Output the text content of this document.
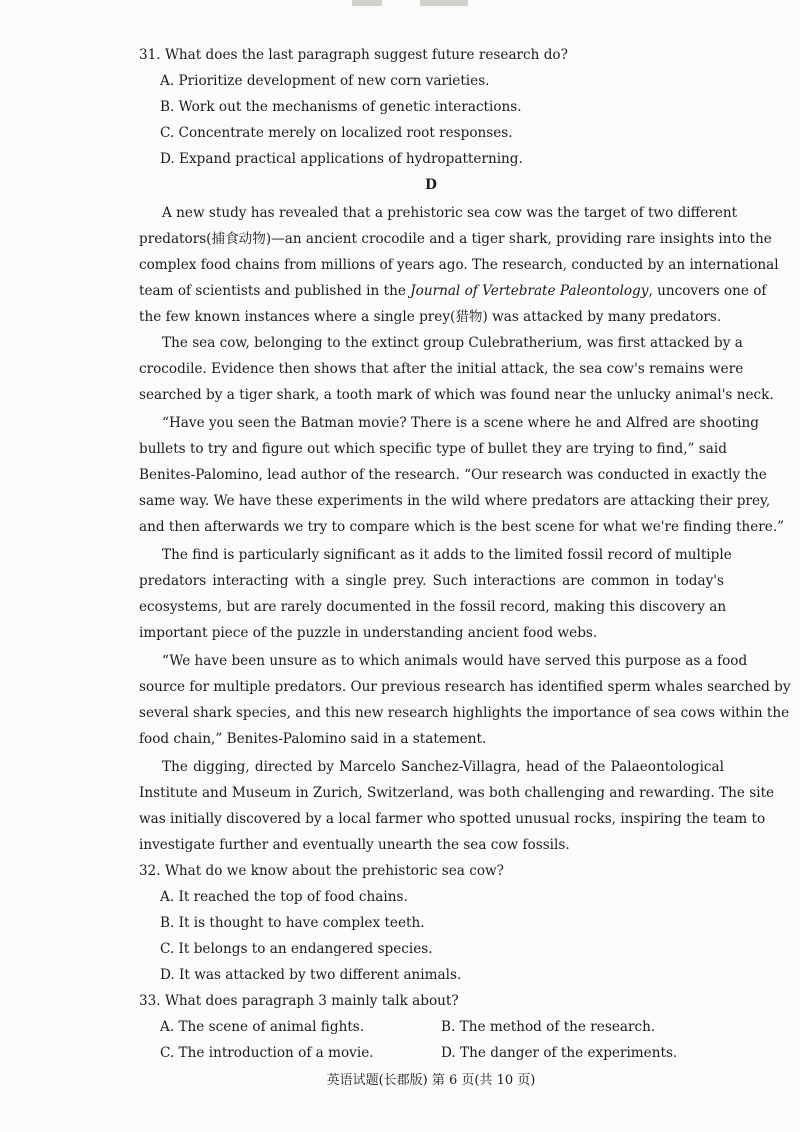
31. What does the last paragraph suggest future research do?
A. Prioritize development of new corn varieties.
B. Work out the mechanisms of genetic interactions.
C. Concentrate merely on localized root responses.
D. Expand practical applications of hydropatterning.
D
A new study has revealed that a prehistoric sea cow was the target of two different
predators(捕食动物)—an ancient crocodile and a tiger shark, providing rare insights into the
complex food chains from millions of years ago. The research, conducted by an international
team of scientists and published in the Journal of Vertebrate Paleontology, uncovers one of
the few known instances where a single prey(猎物) was attacked by many predators.
The sea cow, belonging to the extinct group Culebratherium, was first attacked by a
crocodile. Evidence then shows that after the initial attack, the sea cow's remains were
searched by a tiger shark, a tooth mark of which was found near the unlucky animal's neck.
“Have you seen the Batman movie? There is a scene where he and Alfred are shooting
bullets to try and figure out which specific type of bullet they are trying to find,” said
Benites-Palomino, lead author of the research. “Our research was conducted in exactly the
same way. We have these experiments in the wild where predators are attacking their prey,
and then afterwards we try to compare which is the best scene for what we're finding there.”
The find is particularly significant as it adds to the limited fossil record of multiple
predators interacting with a single prey. Such interactions are common in today's
ecosystems, but are rarely documented in the fossil record, making this discovery an
important piece of the puzzle in understanding ancient food webs.
“We have been unsure as to which animals would have served this purpose as a food
source for multiple predators. Our previous research has identified sperm whales searched by
several shark species, and this new research highlights the importance of sea cows within the
food chain,” Benites-Palomino said in a statement.
The digging, directed by Marcelo Sanchez-Villagra, head of the Palaeontological
Institute and Museum in Zurich, Switzerland, was both challenging and rewarding. The site
was initially discovered by a local farmer who spotted unusual rocks, inspiring the team to
investigate further and eventually unearth the sea cow fossils.
32. What do we know about the prehistoric sea cow?
A. It reached the top of food chains.
B. It is thought to have complex teeth.
C. It belongs to an endangered species.
D. It was attacked by two different animals.
33. What does paragraph 3 mainly talk about?
A. The scene of animal fights.	B. The method of the research.
C. The introduction of a movie.	D. The danger of the experiments.
英语试题(长郡版) 第 6 页(共 10 页)
